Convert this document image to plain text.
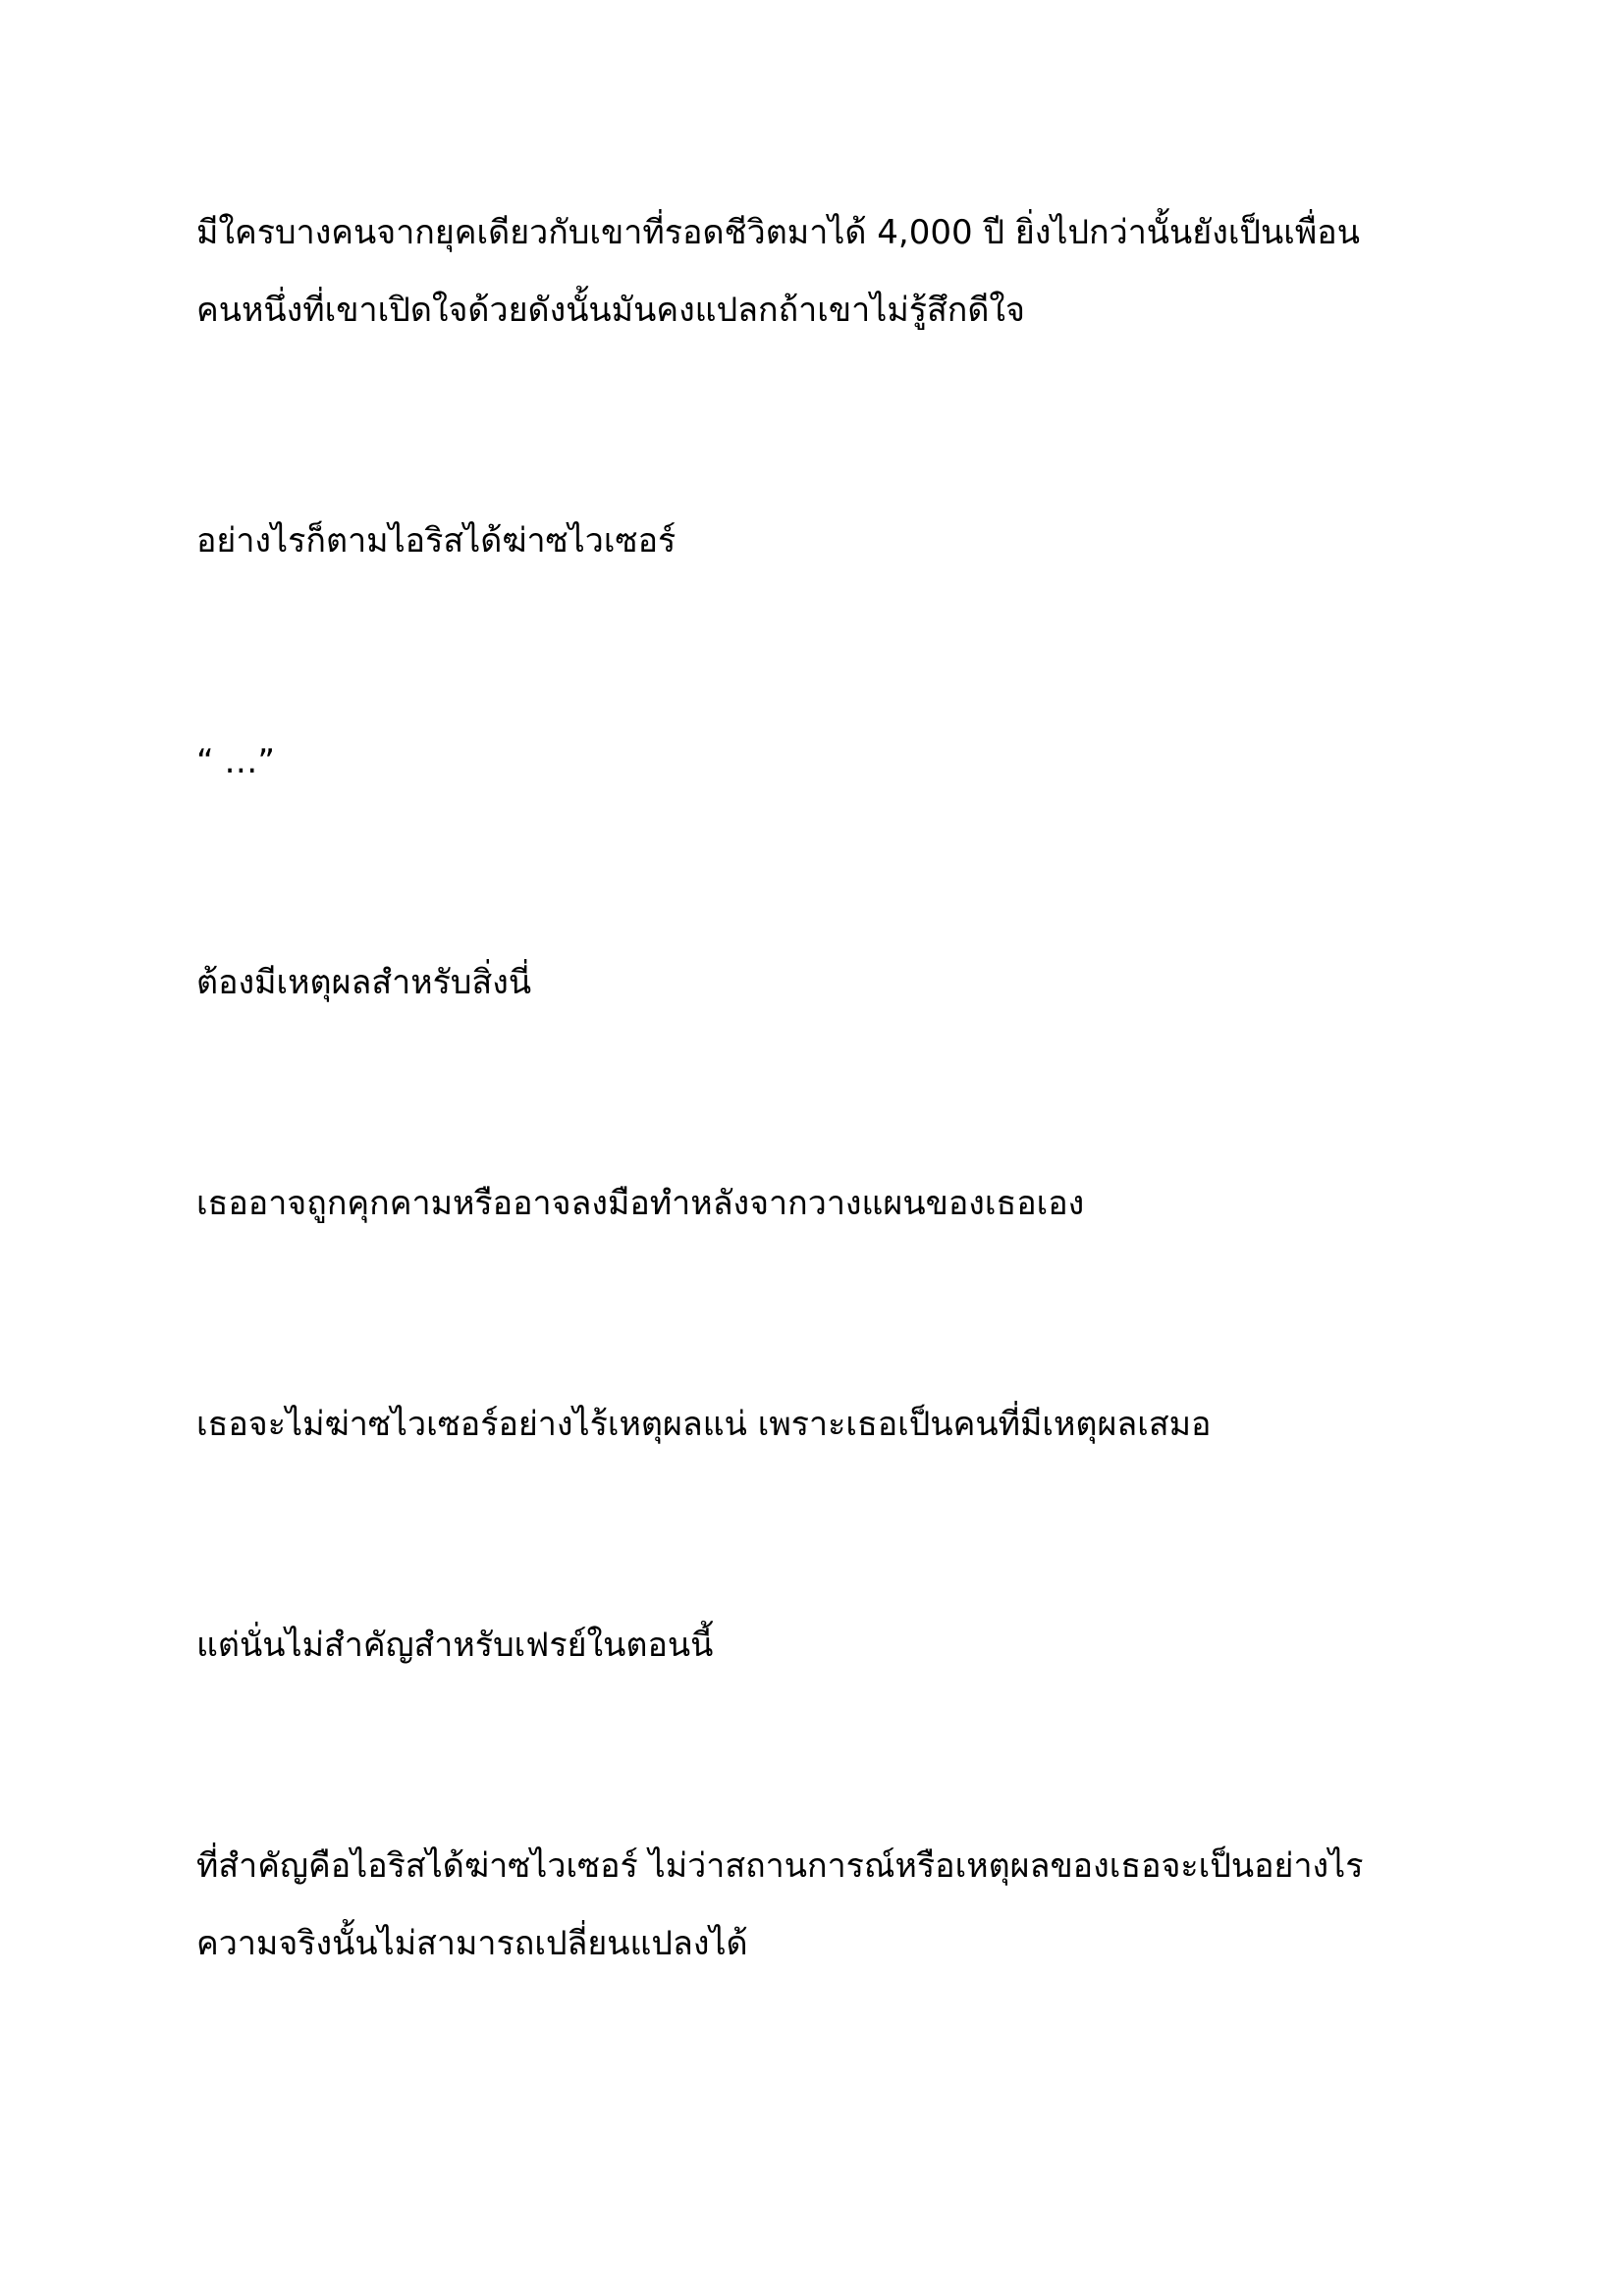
มีใครบางคนจากยุคเดียวกับเขาที่รอดชีวิตมาได้ 4,000 ปี ยิ่งไปกว่านั้นยังเป็นเพื่อน
คนหนึ่งที่เขาเปิดใจด้วยดังนั้นมันคงแปลกถ้าเขาไม่รู้สึกดีใจ

อย่างไรก็ตามไอริสได้ฆ่าซไวเซอร์

“ …”

ต้องมีเหตุผลสำหรับสิ่งนี่

เธออาจถูกคุกคามหรืออาจลงมือทำหลังจากวางแผนของเธอเอง

เธอจะไม่ฆ่าซไวเซอร์อย่างไร้เหตุผลแน่ เพราะเธอเป็นคนที่มีเหตุผลเสมอ

แต่นั่นไม่สำคัญสำหรับเฟรย์ในตอนนี้

ที่สำคัญคือไอริสได้ฆ่าซไวเซอร์ ไม่ว่าสถานการณ์หรือเหตุผลของเธอจะเป็นอย่างไร
ความจริงนั้นไม่สามารถเปลี่ยนแปลงได้
